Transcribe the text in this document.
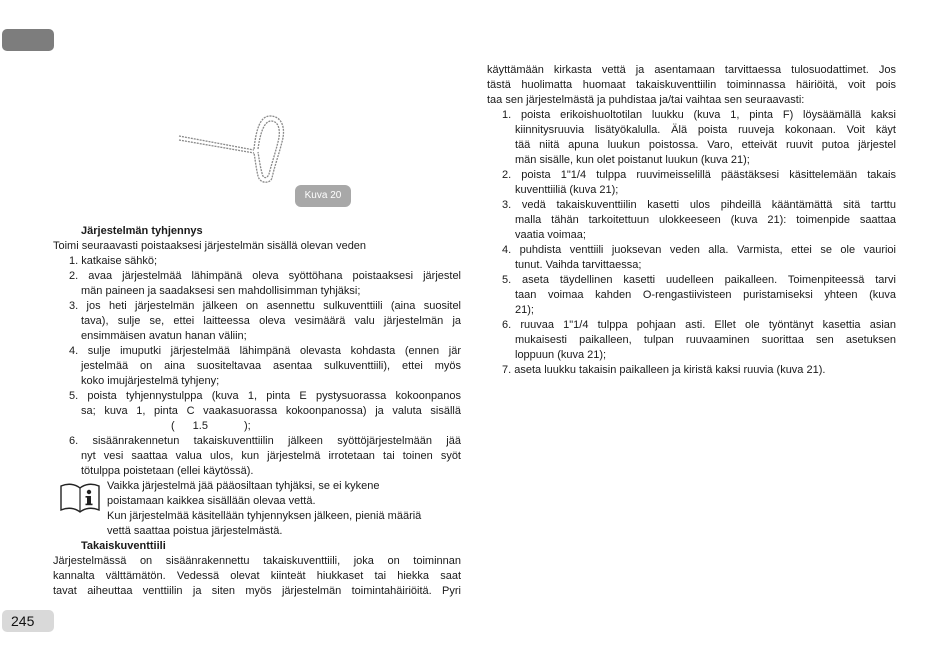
Kuva 20
Järjestelmän tyhjennys
Toimi seuraavasti poistaaksesi järjestelmän sisällä olevan veden
1. katkaise sähkö;
2. avaa järjestelmää lähimpänä oleva syöttöhana poistaaksesi järjestel
män paineen ja saadaksesi sen mahdollisimman tyhjäksi;
3. jos heti järjestelmän jälkeen on asennettu sulkuventtiili (aina suositel
tava), sulje se, ettei laitteessa oleva vesimäärä valu järjestelmän ja
ensimmäisen avatun hanan väliin;
4. sulje imuputki järjestelmää lähimpänä olevasta kohdasta (ennen jär
jestelmää on aina suositeltavaa asentaa sulkuventtiili), ettei myös
koko imujärjestelmä tyhjeny;
5. poista tyhjennystulppa (kuva 1, pinta E pystysuorassa kokoonpanos
sa; kuva 1, pinta C vaakasuorassa kokoonpanossa) ja valuta sisällä
( 1.5	);
6. sisäänrakennetun takaiskuventtiilin jälkeen syöttöjärjestelmään jää
nyt vesi saattaa valua ulos, kun järjestelmä irrotetaan tai toinen syöt
tötulppa poistetaan (ellei käytössä).
Vaikka järjestelmä jää pääosiltaan tyhjäksi, se ei kykene
poistamaan kaikkea sisällään olevaa vettä.
Kun järjestelmää käsitellään tyhjennyksen jälkeen, pieniä määriä
vettä saattaa poistua järjestelmästä.
Takaiskuventtiili
Järjestelmässä on sisäänrakennettu takaiskuventtiili, joka on toiminnan
kannalta välttämätön. Vedessä olevat kiinteät hiukkaset tai hiekka saat
tavat aiheuttaa venttiilin ja siten myös järjestelmän toimintahäiriöitä. Pyri
käyttämään kirkasta vettä ja asentamaan tarvittaessa tulosuodattimet. Jos
tästä huolimatta huomaat takaiskuventtiilin toiminnassa häiriöitä, voit pois
taa sen järjestelmästä ja puhdistaa ja/tai vaihtaa sen seuraavasti:
1. poista erikoishuoltotilan luukku (kuva 1, pinta F) löysäämällä kaksi
kiinnitysruuvia lisätyökalulla. Älä poista ruuveja kokonaan. Voit käyt
tää niitä apuna luukun poistossa. Varo, etteivät ruuvit putoa järjestel
män sisälle, kun olet poistanut luukun (kuva 21);
2. poista 1"1/4 tulppa ruuvimeisselillä päästäksesi käsittelemään takais
kuventtiiliä (kuva 21);
3. vedä takaiskuventtiilin kasetti ulos pihdeillä kääntämättä sitä tarttu
malla tähän tarkoitettuun ulokkeeseen (kuva 21): toimenpide saattaa
vaatia voimaa;
4. puhdista venttiili juoksevan veden alla. Varmista, ettei se ole vaurioi
tunut. Vaihda tarvittaessa;
5. aseta täydellinen kasetti uudelleen paikalleen. Toimenpiteessä tarvi
taan voimaa kahden O-rengastiivisteen puristamiseksi yhteen (kuva
21);
6. ruuvaa 1"1/4 tulppa pohjaan asti. Ellet ole työntänyt kasettia asian
mukaisesti paikalleen, tulpan ruuvaaminen suorittaa sen asetuksen
loppuun (kuva 21);
7. aseta luukku takaisin paikalleen ja kiristä kaksi ruuvia (kuva 21).
245
